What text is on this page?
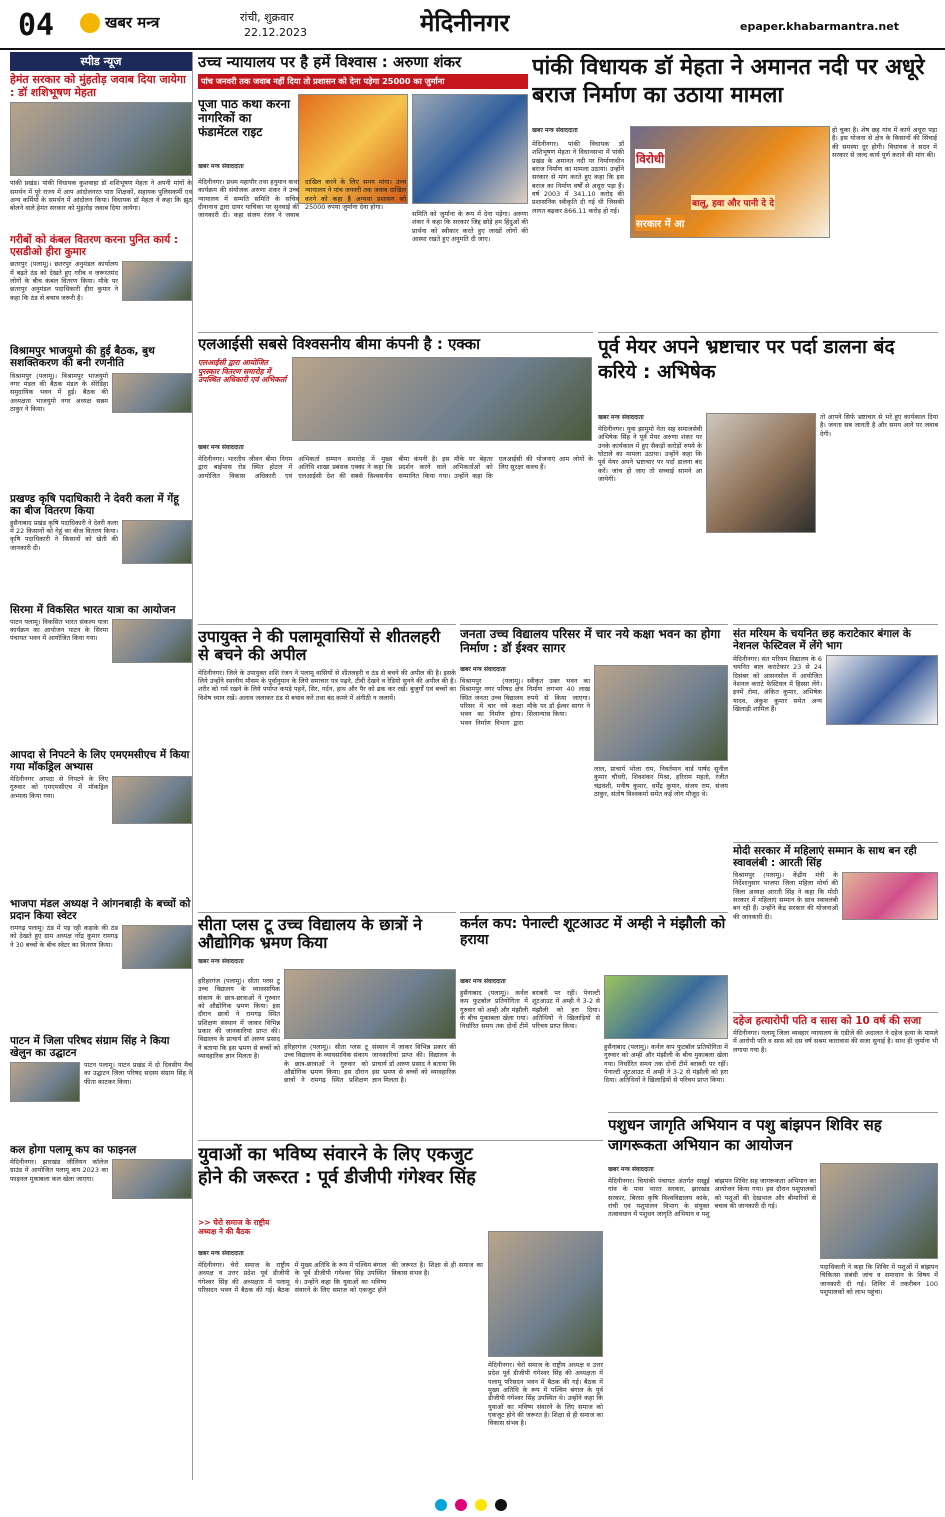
04	खबर मन्त्र	रांची, शुक्रवार
22.12.2023	मेदिनीनगर	epaper.khabarmantra.net
स्पीड न्यूज
हेमंत सरकार को मुंहतोड़ जवाब दिया जायेगा : डॉ शशिभूषण मेहता
पांकी प्रखंड। पांकी विधायक कुशवाहा डॉ शशिभूषण मेहता ने अपनी मांगों के समर्थन में पूरे राज्य में आप आंदोलनरत पारा शिक्षकों, सहायक पुलिसकर्मी एवं अन्य कर्मियों के समर्थन में आंदोलन किया। विधायक डॉ मेहता ने कहा कि झुठ बोलने वाले हेमंत सरकार को मुंहतोड़ जवाब दिया जायेगा।
गरीबों को कंबल वितरण करना पुनित कार्य : एसडीओ हीरा कुमार
छतरपुर (पलामू)। छतरपुर अनुमंडल कार्यालय में बढ़ते ठंड को देखते हुए गरीब व जरूरतमंद लोगों के बीच कंबल वितरण किया। मौके पर छतरपुर अनुमंडल पदाधिकारी हीरा कुमार ने कहा कि ठंड से बचाव जरूरी है।
विश्रामपुर भाजयुमो की हुई बैठक, बुथ सशक्तिकरण की बनी रणनीति
विश्रामपुर (पलामू)। विश्रामपुर भाजयुमो नगर मंडल की बैठक मंडल के सेरेडिहा समुदायिक भवन में हुई। बैठक की अध्यक्षता भाजयुमो नगर अध्यक्ष सन्नम ठाकुर ने किया।
प्रखण्ड कृषि पदाधिकारी ने देवरी कला में गेंहू का बीज वितरण किया
हुसैनाबाद प्रखंड कृषि पदाधिकारी ने देवरी कला में 22 किसानों को गेहूं का बीज वितरण किया। कृषि पदाधिकारी ने किसानों को खेती की जानकारी दी।
सिरमा में विकसित भारत यात्रा का आयोजन
पाटन पलामू। विकसित भारत संकल्प यात्रा कार्यक्रम का आयोजन पाटन के सिरमा पंचायत भवन में आयोजित किया गया।
आपदा से निपटने के लिए एमएमसीएच में किया गया मॉकड्रिल अभ्यास
मेदिनीनगर आपदा से निपटने के लिए गुरुवार को एमएमसीएच में मॉकड्रिल अभ्यास किया गया।
भाजपा मंडल अध्यक्ष ने आंगनबाड़ी के बच्चों को प्रदान किया स्वेटर
रामगढ़ पलामू। ठंड में पड़ रही कड़ाके की ठंड को देखते हुए ग्राम अध्यक्ष नरेंद्र कुमार रामगढ़ ने 30 बच्चों के बीच स्वेटर का वितरण किया।
पाटन में जिला परिषद संग्राम सिंह ने किया खेलुन का उद्घाटन
पाटन पलामू। पाटन प्रखंड में दो दिवसीय मैच का उद्घाटन जिला परिषद सदस्य संग्राम सिंह ने फीता काटकर किया।
कल होगा पलामू कप का फाइनल
मेदिनीनगर। झारखंड जीलियन कॉलेज ग्राउंड में आयोजित पलामू कप 2023 का फाइनल मुकाबला कल खेला जाएगा।
उच्च न्यायालय पर है हमें विश्वास : अरुणा शंकर
पांच जनवरी तक जवाब नहीं दिया तो प्रशासन को देना पड़ेगा 25000 का जुर्माना
पूजा पाठ कथा करना नागरिकों का फंडामेंटल राइट
खबर मन्त्र संवाददाता
मेदिनीनगर। प्रथम महापौर तथा हनुमान कथा कार्यक्रम की संयोजक अरुणा शंकर ने उच्च न्यायालय में सम्मति समिति के सचिव दीनानाथ द्वारा दायर याचिका पर सुनवाई की जानकारी दी। कहा संजय रंजन ने जवाब दाखिल करने के लिए समय मांगा। उच्च न्यायालय ने पांच जनवरी तक जवाब दाखिल करने को कहा है अन्यथा प्रशासन को 25000 रुपया जुर्माना देना होगा।
समिति को जुर्माना के रूप में देना पड़ेगा। अरुणा शंकर ने कहा कि सरकार जिद्द छोड़े हम हिंदुओं की प्रार्थना को स्वीकार करते हुए लाखों लोगों की आस्था रखते हुए अनुमति दी जाए।
पांकी विधायक डॉ मेहता ने अमानत नदी पर अधूरे बराज निर्माण का उठाया मामला
खबर मन्त्र संवाददाता
मेदिनीनगर। पांकी विधायक डॉ शशिभूषण मेहता ने विधानसभा में पांकी प्रखंड के अमानत नदी पर निर्माणाधीन बराज निर्माण का मामला उठाया। उन्होंने सरकार से मांग करते हुए कहा कि इस बराज का निर्माण वर्षों से अधूरा पड़ा है। वर्ष 2003 में 341.10 करोड़ की प्रशासनिक स्वीकृति दी गई थी जिसकी लागत बढ़कर 866.11 करोड़ हो गई।
विरोधी
बालू, हवा और पानी दे दे
सरकार में आ
हो चुका है। शेष छह गांव में कार्य अधूरा पड़ा है। इस योजना से क्षेत्र के किसानों की सिंचाई की समस्या दूर होगी। विधायक ने सदन में सरकार से जल्द कार्य पूर्ण कराने की मांग की।
एलआईसी सबसे विश्वसनीय बीमा कंपनी है : एक्का
एलआईसी द्वारा आयोजित पुरस्कार वितरण समारोह में उपस्थित अधिकारी एवं अभिकर्ता
खबर मन्त्र संवाददाता
मेदिनीनगर। भारतीय जीवन बीमा निगम द्वारा बाईपास रोड स्थित होटल में आयोजित विकास अधिकारी एवं अभिकर्ता सम्मान समारोह में मुख्य अतिथि शाखा प्रबंधक एक्का ने कहा कि एलआईसी देश की सबसे विश्वसनीय बीमा कंपनी है। इस मौके पर बेहतर प्रदर्शन करने वाले अभिकर्ताओं को सम्मानित किया गया। उन्होंने कहा कि एलआईसी की योजनाएं आम लोगों के लिए सुरक्षा कवच हैं।
पूर्व मेयर अपने भ्रष्टाचार पर पर्दा डालना बंद करिये : अभिषेक
खबर मन्त्र संवाददाता
मेदिनीनगर। युवा झामुमो नेता सह समाजसेवी अभिषेक सिंह ने पूर्व मेयर अरुणा शंकर पर उनके कार्यकाल में हुए सैकड़ों करोड़ों रुपये के घोटाले का मामला उठाया। उन्होंने कहा कि पूर्व मेयर अपने भ्रष्टाचार पर पर्दा डालना बंद करें। जांच हो जाए तो सच्चाई सामने आ जायेगी।
तो आपने सिर्फ भ्रष्टाचार से भरे हुए कार्यकाल दिया है। जनता सब जानती है और समय आने पर जवाब देगी।
उपायुक्त ने की पलामूवासियों से शीतलहरी से बचने की अपील
मेदिनीनगर। जिले के उपायुक्त शशि रंजन ने पलामू वासियों से शीतलहरी व ठंड से बचने की अपील की है। इसके लिये उन्होंने स्थानीय मौसम के पूर्वानुमान के लिये समाचार पत्र पढ़ने, टीवी देखने व रेडियो सुनने की अपील की है। शरीर को गर्म रखने के लिये पर्याप्त कपड़े पहनें, सिर, गर्दन, हाथ और पैर को ढक कर रखें। बुजुर्गों एवं बच्चों का विशेष ध्यान रखें। अलाव जलाकर ठंड से बचाव करें तथा बंद कमरे में अंगीठी न जलायें।
जनता उच्च विद्यालय परिसर में चार नये कक्षा भवन का होगा निर्माण : डॉ ईश्वर सागर
खबर मन्त्र संवाददाता
विश्रामपुर (पलामू)। विश्रामपुर नगर परिषद क्षेत्र स्थित जनता उच्च विद्यालय परिसर में चार नये कक्षा भवन का निर्माण होगा। भवन निर्माण विभाग द्वारा स्वीकृत उक्त भवन का निर्माण लगभग 40 लाख रुपये से किया जाएगा। मौके पर डॉ ईश्वर सागर ने शिलान्यास किया।
लाल, प्राचार्य भोला राम, निवर्तमान वार्ड पार्षद सुनील कुमार चौधरी, शिवशंकर मिश्रा, हरिराम महतो, रंजीत चंद्रवंशी, मनीष कुमार, धर्मेंद्र कुमार, संजय राम, संजय ठाकुर, संतोष विश्वकर्मा समेत कई लोग मौजूद थे।
संत मरियम के चयनित छह कराटेकार बंगाल के नेशनल फेस्टिवल में लेंगे भाग
मेदिनीनगर। संत मरियम विद्यालय के 6 चयनित बाल कराटेकार 23 से 24 दिसंबर को आसनसोल में आयोजित नेशनल कराटे फेस्टिवल में हिस्सा लेंगे। इनमें रोमा, अंकित कुमार, अभिषेक यादव, अंकुश कुमार समेत अन्य खिलाड़ी शामिल हैं।
मोदी सरकार में महिलाएं सम्मान के साथ बन रही स्वावलंबी : आरती सिंह
विश्रामपुर (पलामू)। केंद्रीय मंत्री के निर्देशानुसार भाजपा जिला महिला मोर्चा की जिला अध्यक्ष आरती सिंह ने कहा कि मोदी सरकार में महिलाएं सम्मान के साथ स्वावलंबी बन रही हैं। उन्होंने केंद्र सरकार की योजनाओं की जानकारी दी।
दहेज हत्यारोपी पति व सास को 10 वर्ष की सजा
मेदिनीनगर। पलामू जिला व्यवहार न्यायालय के एडीजे की अदालत ने दहेज हत्या के मामले में आरोपी पति व सास को दस वर्ष सश्रम कारावास की सजा सुनाई है। साथ ही जुर्माना भी लगाया गया है।
सीता प्लस टू उच्च विद्यालय के छात्रों ने औद्योगिक भ्रमण किया
खबर मन्त्र संवाददाता
हरिहरगंज (पलामू)। सीता प्लस टू उच्च विद्यालय के व्यावसायिक संकाय के छात्र-छात्राओं ने गुरुवार को औद्योगिक भ्रमण किया। इस दौरान छात्रों ने रामगढ़ स्थित प्रशिक्षण संस्थान में जाकर विभिन्न प्रकार की जानकारियां प्राप्त की। विद्यालय के प्राचार्य डॉ अरुण प्रसाद ने बताया कि इस भ्रमण से बच्चों को व्यावहारिक ज्ञान मिलता है।
हरिहरगंज (पलामू)। सीता प्लस टू उच्च विद्यालय के व्यावसायिक संकाय के छात्र-छात्राओं ने गुरुवार को औद्योगिक भ्रमण किया। इस दौरान छात्रों ने रामगढ़ स्थित प्रशिक्षण संस्थान में जाकर विभिन्न प्रकार की जानकारियां प्राप्त की। विद्यालय के प्राचार्य डॉ अरुण प्रसाद ने बताया कि इस भ्रमण से बच्चों को व्यावहारिक ज्ञान मिलता है।
कर्नल कप: पेनाल्टी शूटआउट में अम्ही ने मंझौली को हराया
खबर मन्त्र संवाददाता
हुसैनाबाद (पलामू)। कर्नल कप फुटबॉल प्रतियोगिता में गुरुवार को अम्ही और मंझौली के बीच मुकाबला खेला गया। निर्धारित समय तक दोनों टीमें बराबरी पर रहीं। पेनाल्टी शूटआउट में अम्ही ने 3-2 से मंझौली को हरा दिया। अतिथियों ने खिलाड़ियों से परिचय प्राप्त किया।
हुसैनाबाद (पलामू)। कर्नल कप फुटबॉल प्रतियोगिता में गुरुवार को अम्ही और मंझौली के बीच मुकाबला खेला गया। निर्धारित समय तक दोनों टीमें बराबरी पर रहीं। पेनाल्टी शूटआउट में अम्ही ने 3-2 से मंझौली को हरा दिया। अतिथियों ने खिलाड़ियों से परिचय प्राप्त किया।
युवाओं का भविष्य संवारने के लिए एकजुट होने की जरूरत : पूर्व डीजीपी गंगेश्वर सिंह
>> चेरो समाज के राष्ट्रीय अध्यक्ष ने की बैठक
खबर मन्त्र संवाददाता
मेदिनीनगर। चेरो समाज के राष्ट्रीय अध्यक्ष व उत्तर प्रदेश पूर्व डीजीपी गंगेश्वर सिंह की अध्यक्षता में पलामू परिसदन भवन में बैठक की गई। बैठक में मुख्य अतिथि के रूप में पश्चिम बंगाल के पूर्व डीजीपी गंगेश्वर सिंह उपस्थित थे। उन्होंने कहा कि युवाओं का भविष्य संवारने के लिए समाज को एकजुट होने की जरूरत है। शिक्षा से ही समाज का विकास संभव है।
मेदिनीनगर। चेरो समाज के राष्ट्रीय अध्यक्ष व उत्तर प्रदेश पूर्व डीजीपी गंगेश्वर सिंह की अध्यक्षता में पलामू परिसदन भवन में बैठक की गई। बैठक में मुख्य अतिथि के रूप में पश्चिम बंगाल के पूर्व डीजीपी गंगेश्वर सिंह उपस्थित थे। उन्होंने कहा कि युवाओं का भविष्य संवारने के लिए समाज को एकजुट होने की जरूरत है। शिक्षा से ही समाज का विकास संभव है।
पशुधन जागृति अभियान व पशु बांझपन शिविर सह जागरूकता अभियान का आयोजन
खबर मन्त्र संवाददाता
मेदिनीनगर। चियांकी पंचायत अंतर्गत सखुई गांव के पास भारत सरकार, झारखंड सरकार, बिरसा कृषि विश्वविद्यालय कांके, रांची एवं पशुपालन विभाग के संयुक्त तत्वावधान में पशुधन जागृति अभियान व पशु बांझपन शिविर सह जागरूकता अभियान का आयोजन किया गया। इस दौरान पशुपालकों को पशुओं की देखभाल और बीमारियों से बचाव की जानकारी दी गई।
पदाधिकारी ने कहा कि शिविर में पशुओं में बांझपन चिकित्सा संबंधी जांच व समाधान के विषय में जानकारी दी गई। शिविर में तकरीबन 100 पशुपालकों को लाभ पहुंचा।
